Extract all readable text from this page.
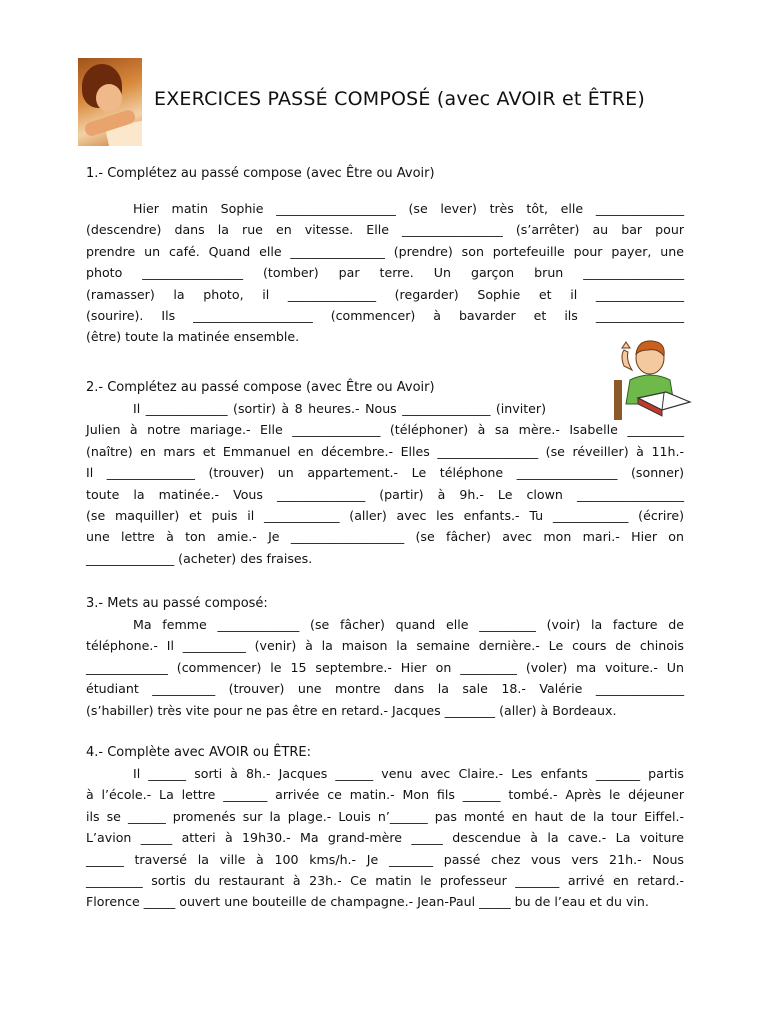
EXERCICES PASSÉ COMPOSÉ (avec AVOIR et ÊTRE)
1.- Complétez au passé compose (avec Être ou Avoir)
Hier matin Sophie ___________________ (se lever) très tôt, elle ______________
(descendre) dans la rue en vitesse. Elle ________________ (s’arrêter) au bar pour
prendre un café. Quand elle _______________ (prendre) son portefeuille pour payer, une
photo ________________ (tomber) par terre. Un garçon brun ________________
(ramasser) la photo, il ______________ (regarder) Sophie et il ______________
(sourire). Ils ___________________ (commencer) à bavarder et ils ______________
(être) toute la matinée ensemble.
2.- Complétez au passé compose (avec Être ou Avoir)
Il _____________ (sortir) à 8 heures.- Nous ______________ (inviter)
Julien à notre mariage.- Elle ______________ (téléphoner) à sa mère.- Isabelle _________
(naître) en mars et Emmanuel en décembre.- Elles ________________ (se réveiller) à 11h.-
Il ______________ (trouver) un appartement.- Le téléphone ________________ (sonner)
toute la matinée.- Vous ______________ (partir) à 9h.- Le clown _________________
(se maquiller) et puis il ____________ (aller) avec les enfants.- Tu ____________ (écrire)
une lettre à ton amie.- Je __________________ (se fâcher) avec mon mari.- Hier on
______________ (acheter) des fraises.
3.- Mets au passé composé:
Ma femme _____________ (se fâcher) quand elle _________ (voir) la facture de
téléphone.- Il __________ (venir) à la maison la semaine dernière.- Le cours de chinois
_____________ (commencer) le 15 septembre.- Hier on _________ (voler) ma voiture.- Un
étudiant __________ (trouver) une montre dans la sale 18.- Valérie ______________
(s’habiller) très vite pour ne pas être en retard.- Jacques ________ (aller) à Bordeaux.
4.- Complète avec AVOIR ou ÊTRE:
Il ______ sorti à 8h.- Jacques ______ venu avec Claire.- Les enfants _______ partis
à l’école.- La lettre _______ arrivée ce matin.- Mon fils ______ tombé.- Après le déjeuner
ils se ______ promenés sur la plage.- Louis n’______ pas monté en haut de la tour Eiffel.-
L’avion _____ atteri à 19h30.- Ma grand-mère _____ descendue à la cave.- La voiture
______ traversé la ville à 100 kms/h.- Je _______ passé chez vous vers 21h.- Nous
_________ sortis du restaurant à 23h.- Ce matin le professeur _______ arrivé en retard.-
Florence _____ ouvert une bouteille de champagne.- Jean-Paul _____ bu de l’eau et du vin.
